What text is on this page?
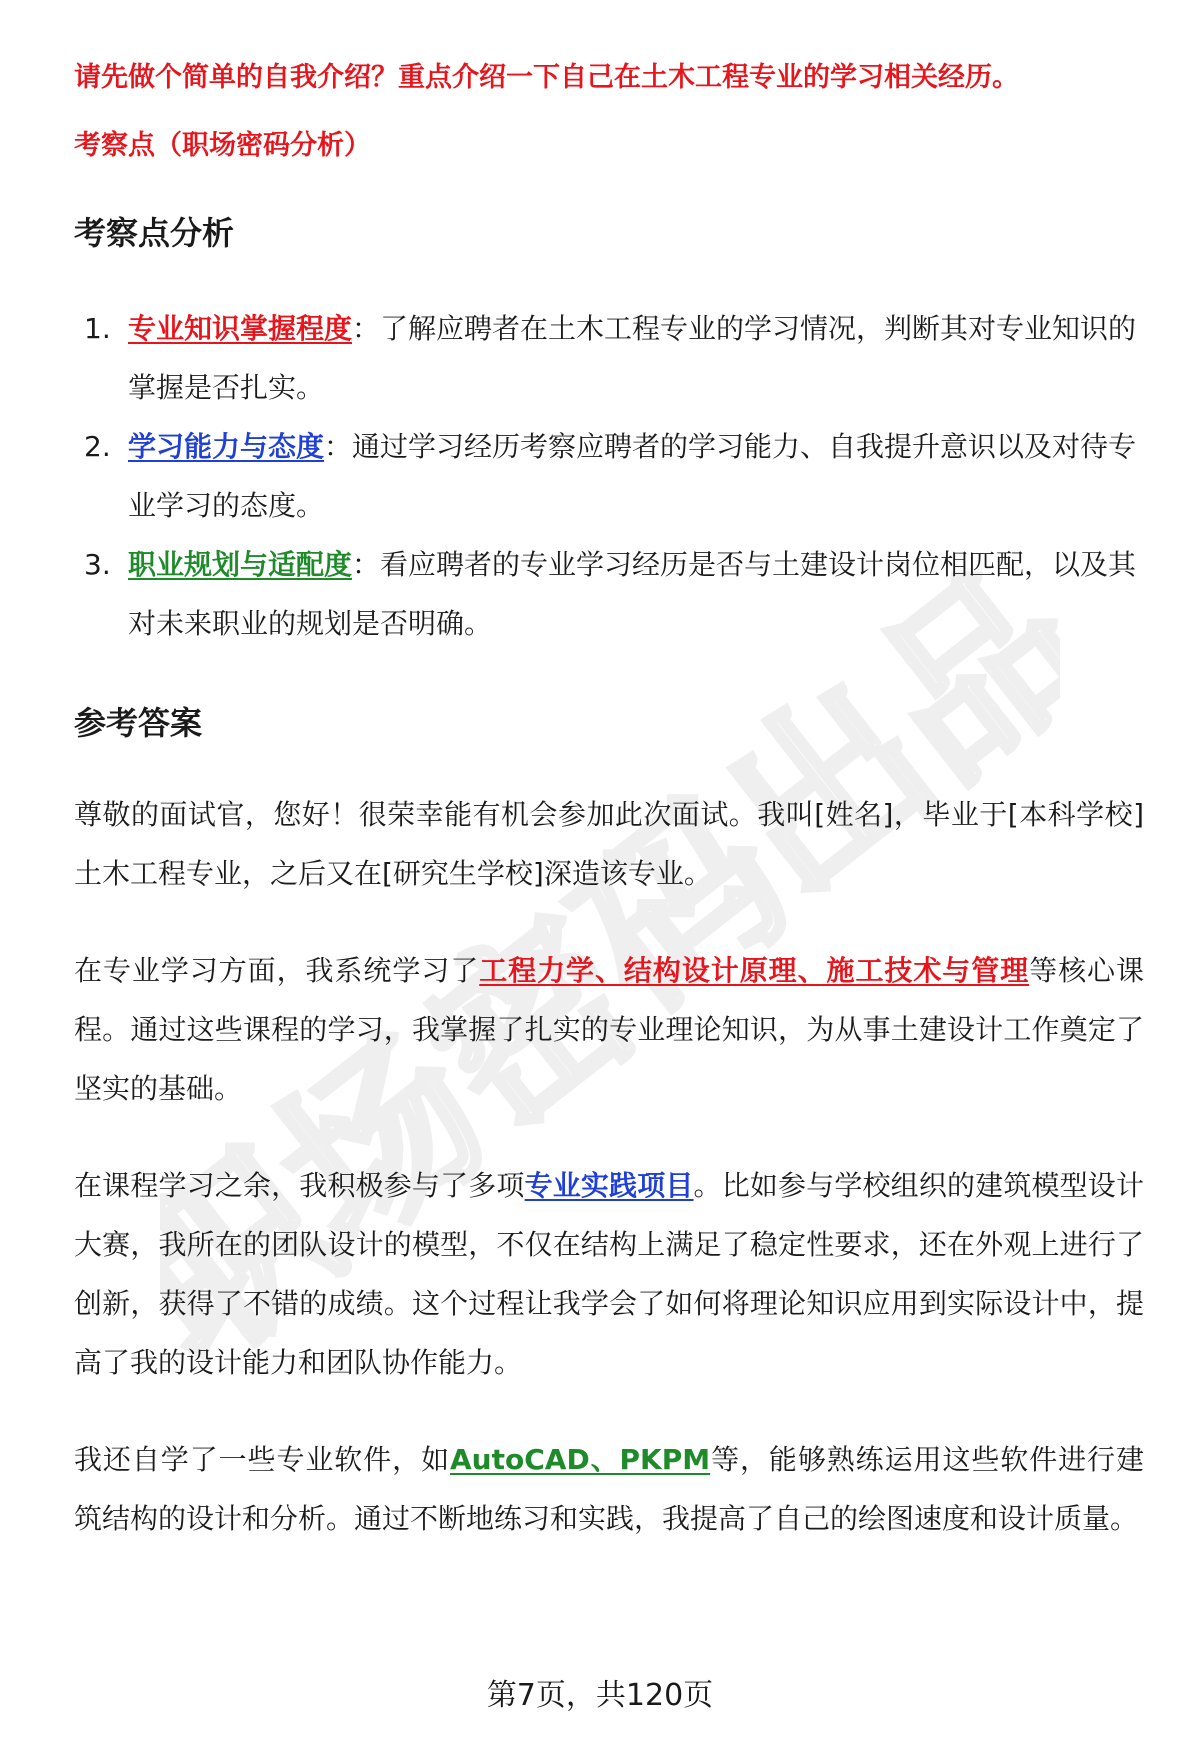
职场密码出品

请先做个简单的自我介绍？重点介绍一下自己在土木工程专业的学习相关经历。

考察点（职场密码分析）

考察点分析
1. 专业知识掌握程度：了解应聘者在土木工程专业的学习情况，判断其对专业知识的掌握是否扎实。
2. 学习能力与态度：通过学习经历考察应聘者的学习能力、自我提升意识以及对待专业学习的态度。
3. 职业规划与适配度：看应聘者的专业学习经历是否与土建设计岗位相匹配，以及其对未来职业的规划是否明确。
参考答案

尊敬的面试官，您好！很荣幸能有机会参加此次面试。我叫[姓名]，毕业于[本科学校]土木工程专业，之后又在[研究生学校]深造该专业。

在专业学习方面，我系统学习了工程力学、结构设计原理、施工技术与管理等核心课程。通过这些课程的学习，我掌握了扎实的专业理论知识，为从事土建设计工作奠定了坚实的基础。

在课程学习之余，我积极参与了多项专业实践项目。比如参与学校组织的建筑模型设计大赛，我所在的团队设计的模型，不仅在结构上满足了稳定性要求，还在外观上进行了创新，获得了不错的成绩。这个过程让我学会了如何将理论知识应用到实际设计中，提高了我的设计能力和团队协作能力。

我还自学了一些专业软件，如AutoCAD、PKPM等，能够熟练运用这些软件进行建筑结构的设计和分析。通过不断地练习和实践，我提高了自己的绘图速度和设计质量。

第7页，共120页
